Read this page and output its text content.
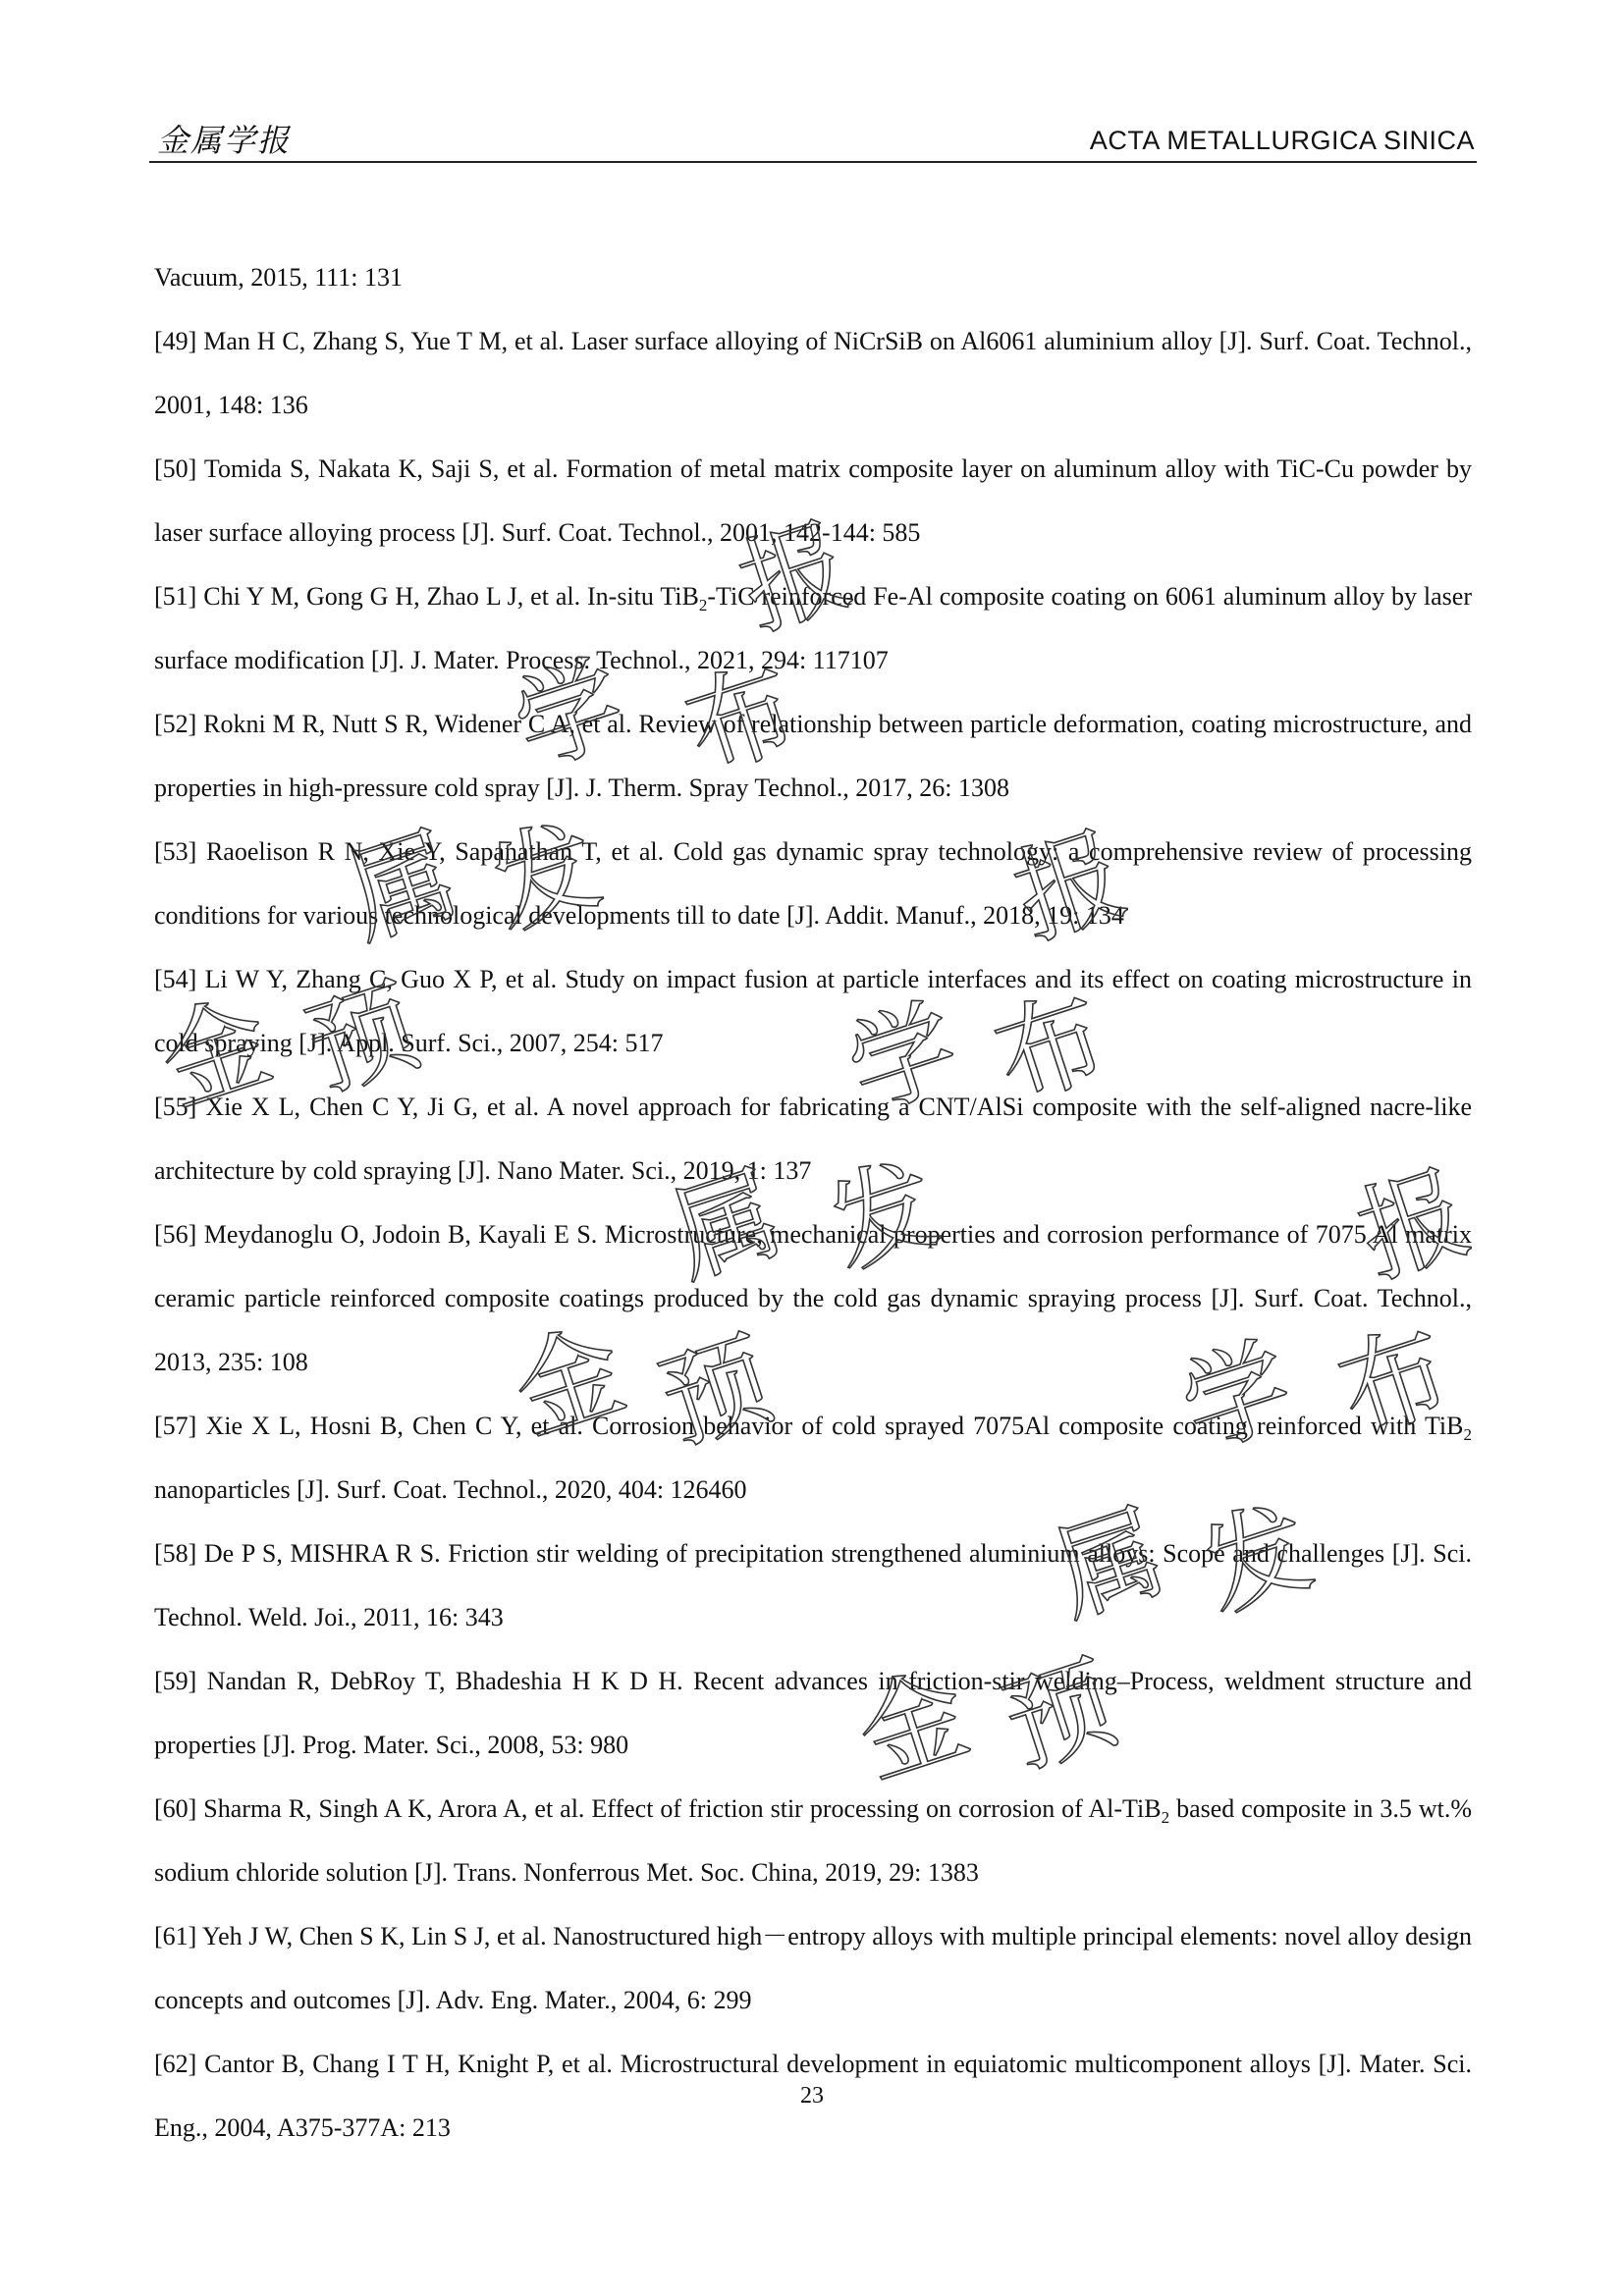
金属学报	ACTA METALLURGICA SINICA

Vacuum, 2015, 111: 131

[49] Man H C, Zhang S, Yue T M, et al. Laser surface alloying of NiCrSiB on Al6061 aluminium alloy [J]. Surf. Coat. Technol., 2001, 148: 136

[50] Tomida S, Nakata K, Saji S, et al. Formation of metal matrix composite layer on aluminum alloy with TiC-Cu powder by laser surface alloying process [J]. Surf. Coat. Technol., 2001, 142-144: 585

[51] Chi Y M, Gong G H, Zhao L J, et al. In-situ TiB$_2$-TiC reinforced Fe-Al composite coating on 6061 aluminum alloy by laser surface modification [J]. J. Mater. Process. Technol., 2021, 294: 117107

[52] Rokni M R, Nutt S R, Widener C A, et al. Review of relationship between particle deformation, coating microstructure, and properties in high-pressure cold spray [J]. J. Therm. Spray Technol., 2017, 26: 1308

[53] Raoelison R N, Xie Y, Sapanathan T, et al. Cold gas dynamic spray technology: a comprehensive review of processing conditions for various technological developments till to date [J]. Addit. Manuf., 2018, 19: 134

[54] Li W Y, Zhang C, Guo X P, et al. Study on impact fusion at particle interfaces and its effect on coating microstructure in cold spraying [J]. Appl. Surf. Sci., 2007, 254: 517

[55] Xie X L, Chen C Y, Ji G, et al. A novel approach for fabricating a CNT/AlSi composite with the self-aligned nacre-like architecture by cold spraying [J]. Nano Mater. Sci., 2019, 1: 137

[56] Meydanoglu O, Jodoin B, Kayali E S. Microstructure, mechanical properties and corrosion performance of 7075 Al matrix ceramic particle reinforced composite coatings produced by the cold gas dynamic spraying process [J]. Surf. Coat. Technol., 2013, 235: 108

[57] Xie X L, Hosni B, Chen C Y, et al. Corrosion behavior of cold sprayed 7075Al composite coating reinforced with TiB$_2$ nanoparticles [J]. Surf. Coat. Technol., 2020, 404: 126460

[58] De P S, MISHRA R S. Friction stir welding of precipitation strengthened aluminium alloys: Scope and challenges [J]. Sci. Technol. Weld. Joi., 2011, 16: 343

[59] Nandan R, DebRoy T, Bhadeshia H K D H. Recent advances in friction-stir welding–Process, weldment structure and properties [J]. Prog. Mater. Sci., 2008, 53: 980

[60] Sharma R, Singh A K, Arora A, et al. Effect of friction stir processing on corrosion of Al-TiB$_2$ based composite in 3.5 wt.% sodium chloride solution [J]. Trans. Nonferrous Met. Soc. China, 2019, 29: 1383

[61] Yeh J W, Chen S K, Lin S J, et al. Nanostructured high－entropy alloys with multiple principal elements: novel alloy design concepts and outcomes [J]. Adv. Eng. Mater., 2004, 6: 299

[62] Cantor B, Chang I T H, Knight P, et al. Microstructural development in equiatomic multicomponent alloys [J]. Mater. Sci. Eng., 2004, A375-377A: 213

23
报
学 布
属 发	报
金 预	学 布
属 发	报
金 预	学 布
属 发
金 预
